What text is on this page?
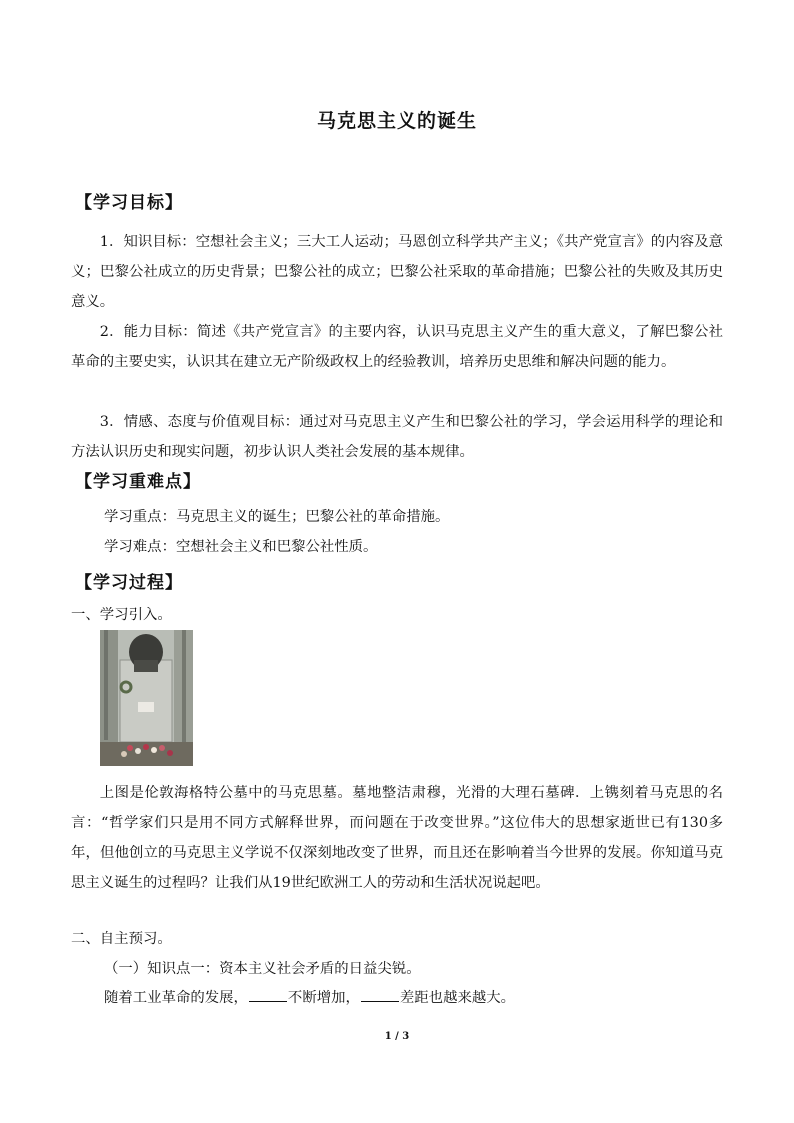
马克思主义的诞生
【学习目标】
1．知识目标：空想社会主义；三大工人运动；马恩创立科学共产主义；《共产党宣言》的内容及意义；巴黎公社成立的历史背景；巴黎公社的成立；巴黎公社采取的革命措施；巴黎公社的失败及其历史意义。
2．能力目标：简述《共产党宣言》的主要内容，认识马克思主义产生的重大意义，了解巴黎公社革命的主要史实，认识其在建立无产阶级政权上的经验教训，培养历史思维和解决问题的能力。
3．情感、态度与价值观目标：通过对马克思主义产生和巴黎公社的学习，学会运用科学的理论和方法认识历史和现实问题，初步认识人类社会发展的基本规律。
【学习重难点】
学习重点：马克思主义的诞生；巴黎公社的革命措施。
学习难点：空想社会主义和巴黎公社性质。
【学习过程】
一、学习引入。
上图是伦敦海格特公墓中的马克思墓。墓地整洁肃穆，光滑的大理石墓碑．上镌刻着马克思的名言：“哲学家们只是用不同方式解释世界，而问题在于改变世界。”这位伟大的思想家逝世已有130多年，但他创立的马克思主义学说不仅深刻地改变了世界，而且还在影响着当今世界的发展。你知道马克思主义诞生的过程吗？让我们从19世纪欧洲工人的劳动和生活状况说起吧。
二、自主预习。
（一）知识点一：资本主义社会矛盾的日益尖锐。
随着工业革命的发展，	不断增加，	差距也越来越大。
1 / 3
